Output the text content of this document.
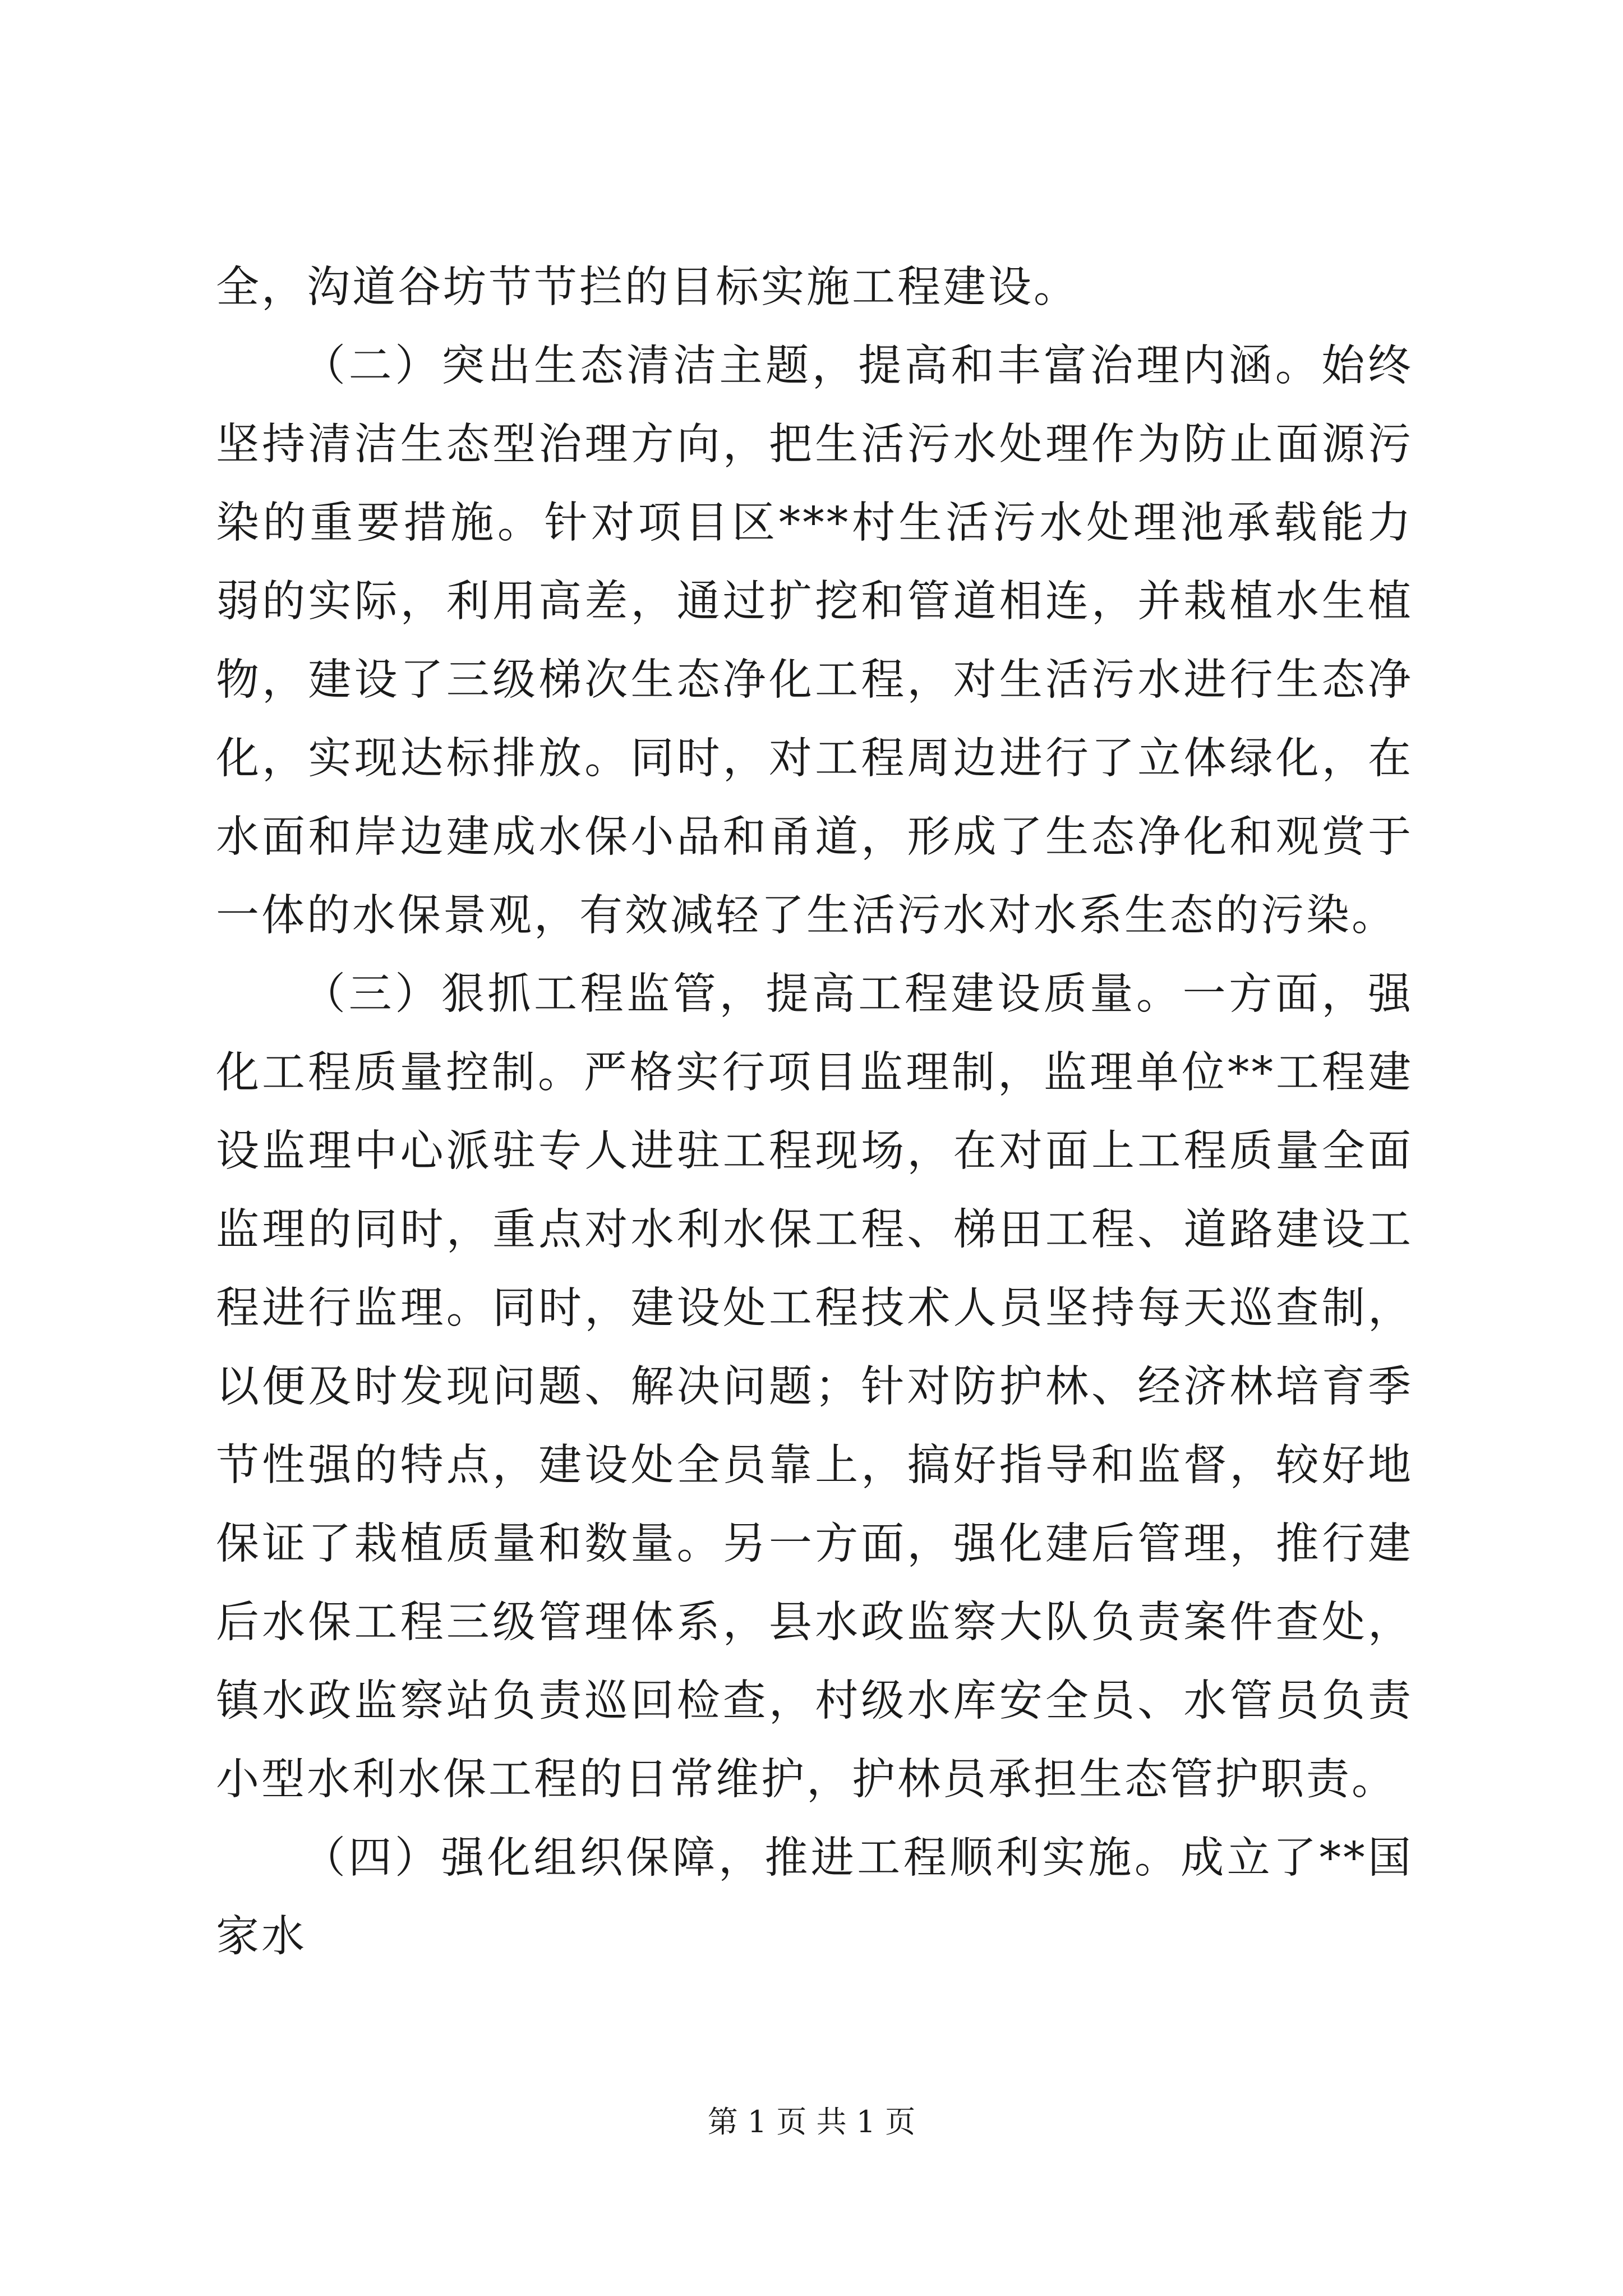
全，沟道谷坊节节拦的目标实施工程建设。

（二）突出生态清洁主题，提高和丰富治理内涵。始终坚持清洁生态型治理方向，把生活污水处理作为防止面源污染的重要措施。针对项目区***村生活污水处理池承载能力弱的实际，利用高差，通过扩挖和管道相连，并栽植水生植物，建设了三级梯次生态净化工程，对生活污水进行生态净化，实现达标排放。同时，对工程周边进行了立体绿化，在水面和岸边建成水保小品和甬道，形成了生态净化和观赏于一体的水保景观，有效减轻了生活污水对水系生态的污染。

（三）狠抓工程监管，提高工程建设质量。一方面，强化工程质量控制。严格实行项目监理制，监理单位**工程建设监理中心派驻专人进驻工程现场，在对面上工程质量全面监理的同时，重点对水利水保工程、梯田工程、道路建设工程进行监理。同时，建设处工程技术人员坚持每天巡查制，以便及时发现问题、解决问题；针对防护林、经济林培育季节性强的特点，建设处全员靠上，搞好指导和监督，较好地保证了栽植质量和数量。另一方面，强化建后管理，推行建后水保工程三级管理体系，县水政监察大队负责案件查处，镇水政监察站负责巡回检查，村级水库安全员、水管员负责小型水利水保工程的日常维护，护林员承担生态管护职责。

（四）强化组织保障，推进工程顺利实施。成立了**国家水

第 1 页 共 1 页
